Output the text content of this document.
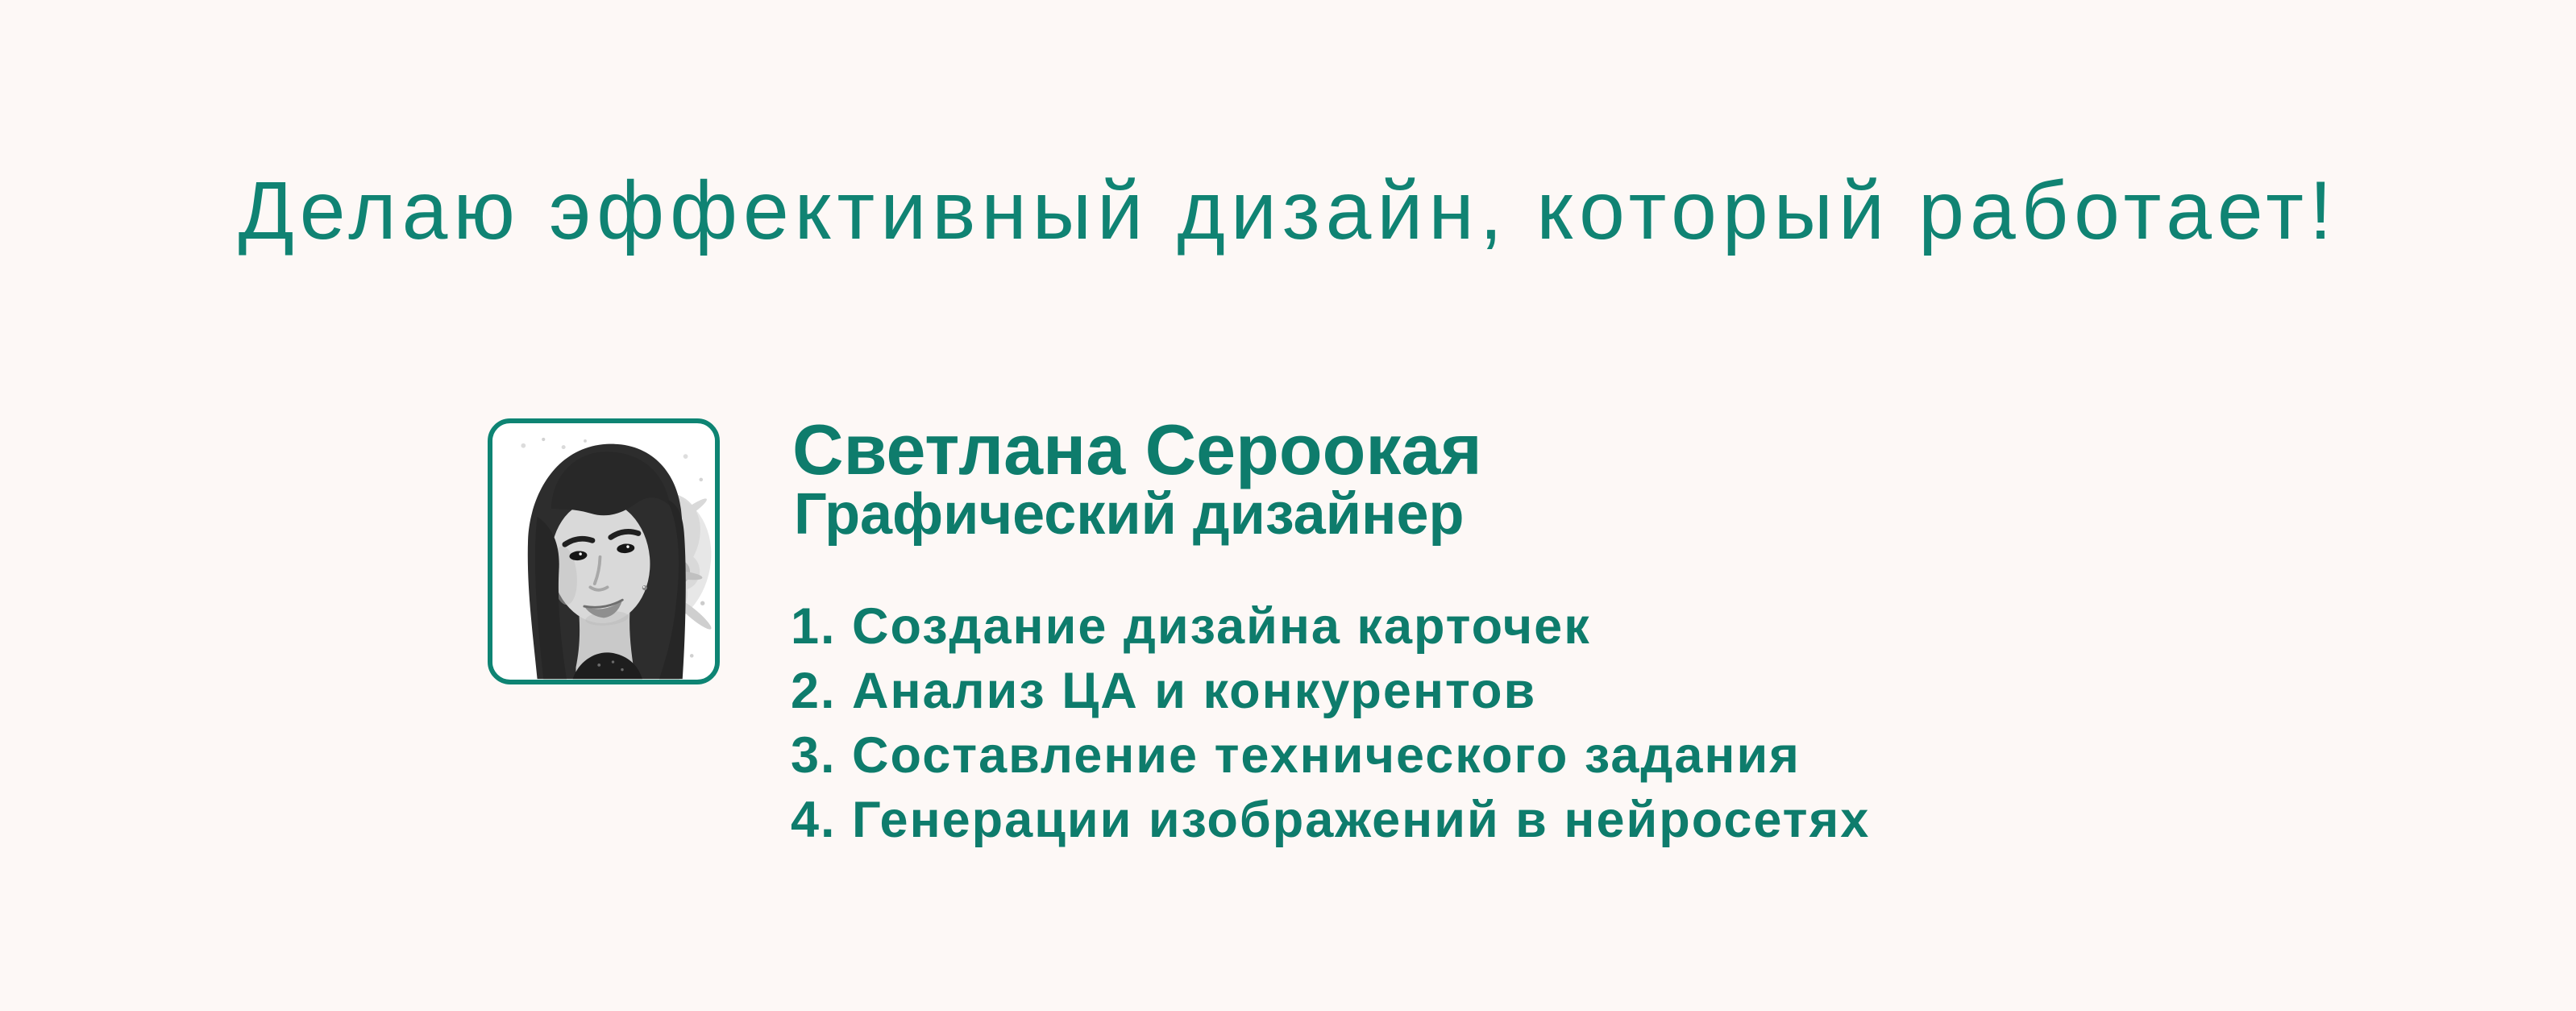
Делаю эффективный дизайн, который работает!
Светлана Сероокая
Графический дизайнер
1. Создание дизайна карточек
2. Анализ ЦА и конкурентов
3. Составление технического задания
4. Генерации изображений в нейросетях
